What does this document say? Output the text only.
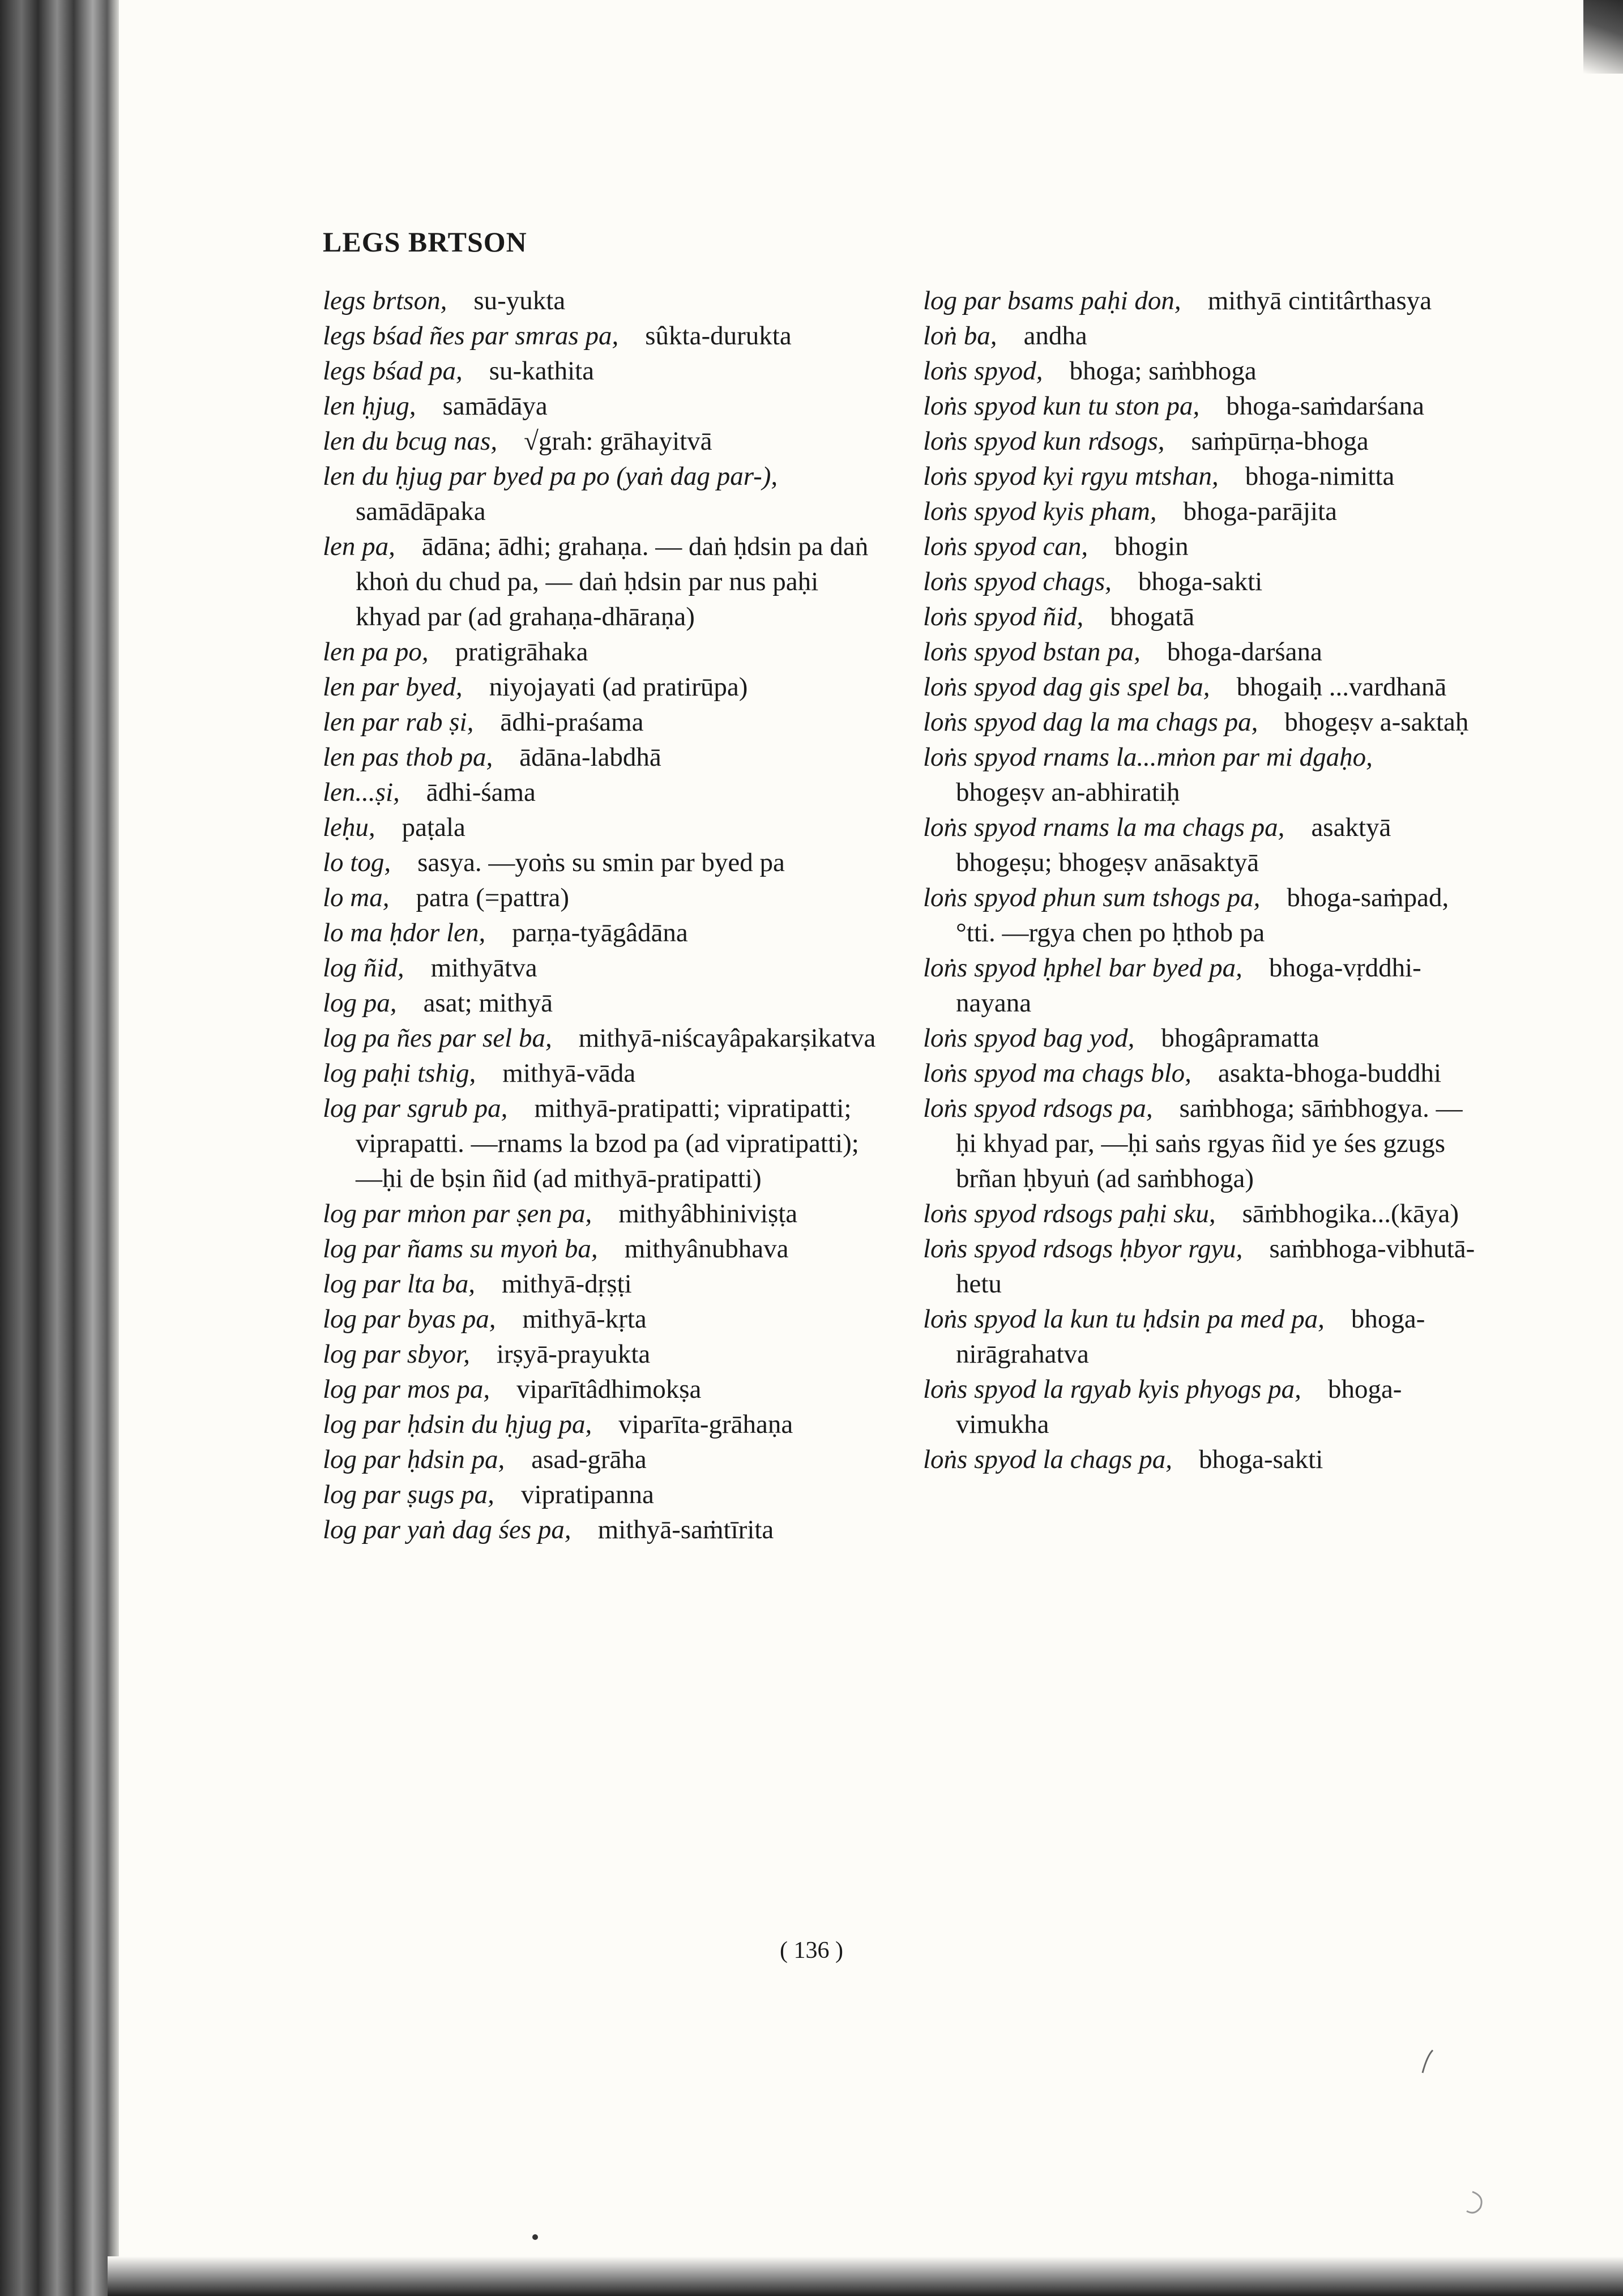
LEGS BRTSON

legs brtson,  su-yukta

legs bśad ñes par smras pa,  sûkta-durukta

legs bśad pa,  su-kathita

len ḥjug,  samādāya

len du bcug nas,  √grah: grāhayitvā

len du ḥjug par byed pa po (yaṅ dag par-), samādāpaka

len pa,  ādāna; ādhi; grahaṇa. — daṅ ḥdsin pa daṅ khoṅ du chud pa, — daṅ ḥdsin par nus paḥi khyad par (ad grahaṇa-dhāraṇa)

len pa po,  pratigrāhaka

len par byed,  niyojayati (ad pratirūpa)

len par rab ṣi,  ādhi-praśama

len pas thob pa,  ādāna-labdhā

len...ṣi,  ādhi-śama

leḥu,  paṭala

lo tog,  sasya. —yoṅs su smin par byed pa

lo ma,  patra (=pattra)

lo ma ḥdor len,  parṇa-tyāgâdāna

log ñid,  mithyātva

log pa,  asat; mithyā

log pa ñes par sel ba,  mithyā-niścayâpakarṣikatva

log paḥi tshig,  mithyā-vāda

log par sgrub pa,  mithyā-pratipatti; vipratipatti; viprapatti. —rnams la bzod pa (ad vipratipatti); —ḥi de bṣin ñid (ad mithyā-pratipatti)

log par mṅon par ṣen pa,  mithyâbhiniviṣṭa

log par ñams su myoṅ ba,  mithyânubhava

log par lta ba,  mithyā-dṛṣṭi

log par byas pa,  mithyā-kṛta

log par sbyor,  irṣyā-prayukta

log par mos pa,  viparītâdhimokṣa

log par ḥdsin du ḥjug pa,  viparīta-grāhaṇa

log par ḥdsin pa,  asad-grāha

log par ṣugs pa,  vipratipanna

log par yaṅ dag śes pa,  mithyā-saṁtīrita

log par bsams paḥi don,  mithyā cintitârthasya

loṅ ba,  andha

loṅs spyod,  bhoga; saṁbhoga

loṅs spyod kun tu ston pa,  bhoga-saṁdarśana

loṅs spyod kun rdsogs,  saṁpūrṇa-bhoga

loṅs spyod kyi rgyu mtshan,  bhoga-nimitta

loṅs spyod kyis pham,  bhoga-parājita

loṅs spyod can,  bhogin

loṅs spyod chags,  bhoga-sakti

loṅs spyod ñid,  bhogatā

loṅs spyod bstan pa,  bhoga-darśana

loṅs spyod dag gis spel ba,  bhogaiḥ ...vardhanā

loṅs spyod dag la ma chags pa,  bhogeṣv a-saktaḥ

loṅs spyod rnams la...mṅon par mi dgaḥo, bhogeṣv an-abhiratiḥ

loṅs spyod rnams la ma chags pa,  asaktyā bhogeṣu; bhogeṣv anāsaktyā

loṅs spyod phun sum tshogs pa,  bhoga-saṁpad, °tti. —rgya chen po ḥthob pa

loṅs spyod ḥphel bar byed pa,  bhoga-vṛddhi-nayana

loṅs spyod bag yod,  bhogâpramatta

loṅs spyod ma chags blo,  asakta-bhoga-buddhi

loṅs spyod rdsogs pa,  saṁbhoga; sāṁbhogya. —ḥi khyad par, —ḥi saṅs rgyas ñid ye śes gzugs brñan ḥbyuṅ (ad saṁbhoga)

loṅs spyod rdsogs paḥi sku,  sāṁbhogika...(kāya)

loṅs spyod rdsogs ḥbyor rgyu,  saṁbhoga-vibhutā-hetu

loṅs spyod la kun tu ḥdsin pa med pa,  bhoga-nirāgrahatva

loṅs spyod la rgyab kyis phyogs pa,  bhoga-vimukha

loṅs spyod la chags pa,  bhoga-sakti

( 136 )
